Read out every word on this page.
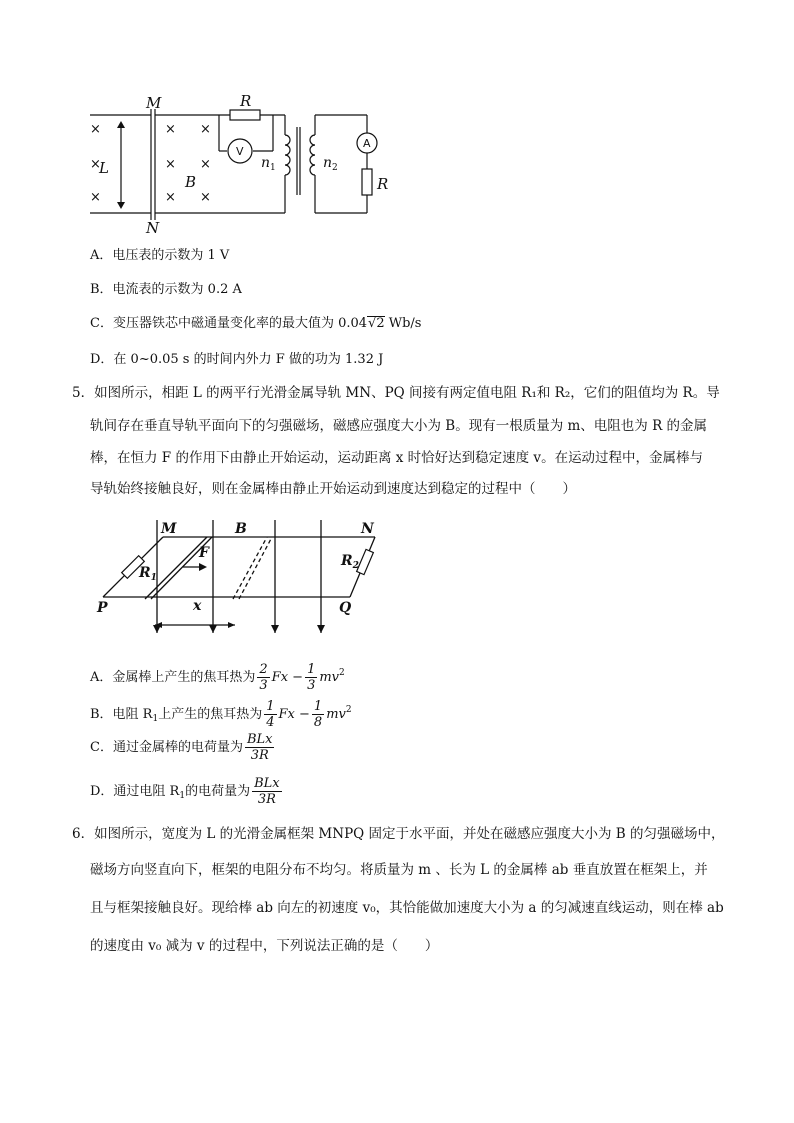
×
×
×
×
×
×
×
×
×
M
N
L
B
R
R
$n_1$	$n_2$
V
A
A．电压表的示数为 1 V
B．电流表的示数为 0.2 A
C．变压器铁芯中磁通量变化率的最大值为 0.04√2 Wb/s
D．在 0~0.05 s 的时间内外力 F 做的功为 1.32 J
5．如图所示，相距 L 的两平行光滑金属导轨 MN、PQ 间接有两定值电阻 R₁和 R₂，它们的阻值均为 R。导
轨间存在垂直导轨平面向下的匀强磁场，磁感应强度大小为 B。现有一根质量为 m、电阻也为 R 的金属
棒，在恒力 F 的作用下由静止开始运动，运动距离 x 时恰好达到稳定速度 v。在运动过程中，金属棒与
导轨始终接触良好，则在金属棒由静止开始运动到速度达到稳定的过程中（　　）
M	B	N
F
P	Q
x
$R_1$
$R_2$
A．金属棒上产生的焦耳热为 $\frac{2}{3}$ $Fx - \frac{1}{3} mv^2$
B．电阻 $R_1$上产生的焦耳热为 $\frac{1}{4}$ $Fx - \frac{1}{8} mv^2$
C．通过金属棒的电荷量为 $\frac{\text{BLx}}{3R}$
D．通过电阻 $R_1$的电荷量为 $\frac{\text{BLx}}{3R}$
6．如图所示，宽度为 L 的光滑金属框架 MNPQ 固定于水平面，并处在磁感应强度大小为 B 的匀强磁场中，
磁场方向竖直向下，框架的电阻分布不均匀。将质量为 m 、长为 L 的金属棒 ab 垂直放置在框架上，并
且与框架接触良好。现给棒 ab 向左的初速度 v₀，其恰能做加速度大小为 a 的匀减速直线运动，则在棒 ab
的速度由 v₀ 减为 v 的过程中，下列说法正确的是（　　）
